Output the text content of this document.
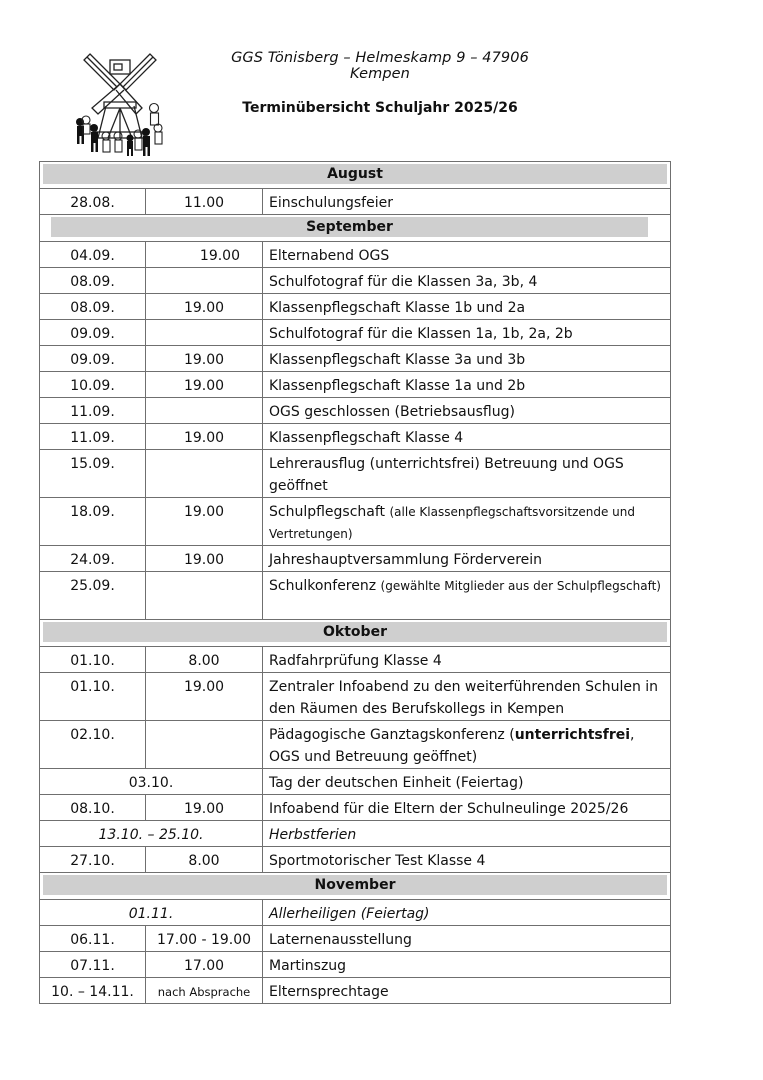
GGS Tönisberg – Helmeskamp 9 – 47906 Kempen
Terminübersicht Schuljahr 2025/26
August		

28.08.	11.00	Einschulungsfeier

September		

04.09.	19.00	Elternabend OGS
08.09.		Schulfotograf für die Klassen 3a, 3b, 4
08.09.	19.00	Klassenpflegschaft Klasse 1b und 2a
09.09.		Schulfotograf für die Klassen 1a, 1b, 2a, 2b
09.09.	19.00	Klassenpflegschaft Klasse 3a und 3b
10.09.	19.00	Klassenpflegschaft Klasse 1a und 2b
11.09.		OGS geschlossen (Betriebsausflug)
11.09.	19.00	Klassenpflegschaft Klasse 4
15.09.		Lehrerausflug (unterrichtsfrei) Betreuung und OGS geöffnet
18.09.	19.00	Schulpflegschaft (alle Klassenpflegschaftsvorsitzende und Vertretungen)
24.09.	19.00	Jahreshauptversammlung Förderverein
25.09.		Schulkonferenz (gewählte Mitglieder aus der Schulpflegschaft)

Oktober		

01.10.	8.00	Radfahrprüfung Klasse 4
01.10.	19.00	Zentraler Infoabend zu den weiterführenden Schulen in den Räumen des Berufskollegs in Kempen
02.10.		Pädagogische Ganztagskonferenz (unterrichtsfrei, OGS und Betreuung geöffnet)
03.10.		Tag der deutschen Einheit (Feiertag)
08.10.	19.00	Infoabend für die Eltern der Schulneulinge 2025/26
13.10. – 25.10.		Herbstferien
27.10.	8.00	Sportmotorischer Test Klasse 4

November		

01.11.		Allerheiligen (Feiertag)
06.11.	17.00 - 19.00	Laternenausstellung
07.11.	17.00	Martinszug
10. – 14.11.	nach Absprache	Elternsprechtage
